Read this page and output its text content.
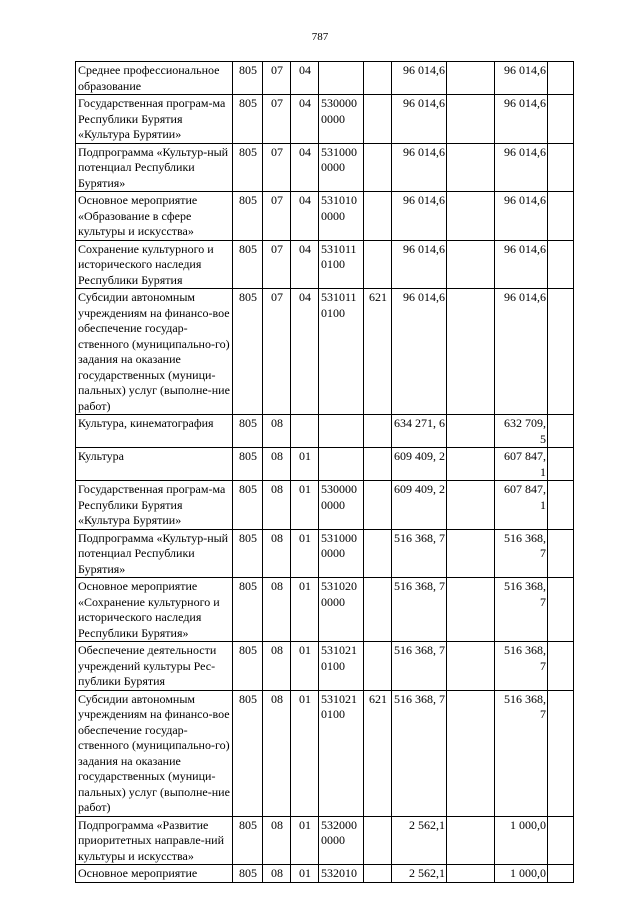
787
Среднее профессиональное образование	805	07	04			96 014,6		96 014,6	
Государственная програм-ма Республики Бурятия «Культура Бурятии»	805	07	04	530000 0000		96 014,6		96 014,6	
Подпрограмма «Культур-ный потенциал Республики Бурятия»	805	07	04	531000 0000		96 014,6		96 014,6	
Основное мероприятие «Образование в сфере культуры и искусства»	805	07	04	531010 0000		96 014,6		96 014,6	
Сохранение культурного и исторического наследия Республики Бурятия	805	07	04	531011 0100		96 014,6		96 014,6	
Субсидии автономным учреждениям на финансо-вое обеспечение государ-ственного (муниципально-го) задания на оказание государственных (муници-пальных) услуг (выполне-ние работ)	805	07	04	531011 0100	621	96 014,6		96 014,6	
Культура, кинематография	805	08				634 271, 6		632 709, 5	
Культура	805	08	01			609 409, 2		607 847, 1	
Государственная програм-ма Республики Бурятия «Культура Бурятии»	805	08	01	530000 0000		609 409, 2		607 847, 1	
Подпрограмма «Культур-ный потенциал Республики Бурятия»	805	08	01	531000 0000		516 368, 7		516 368, 7	
Основное мероприятие «Сохранение культурного и исторического наследия Республики Бурятия»	805	08	01	531020 0000		516 368, 7		516 368, 7	
Обеспечение деятельности учреждений культуры Рес-публики Бурятия	805	08	01	531021 0100		516 368, 7		516 368, 7	
Субсидии автономным учреждениям на финансо-вое обеспечение государ-ственного (муниципально-го) задания на оказание государственных (муници-пальных) услуг (выполне-ние работ)	805	08	01	531021 0100	621	516 368, 7		516 368, 7	
Подпрограмма «Развитие приоритетных направле-ний культуры и искусства»	805	08	01	532000 0000		2 562,1		1 000,0	
Основное мероприятие	805	08	01	532010		2 562,1		1 000,0	
